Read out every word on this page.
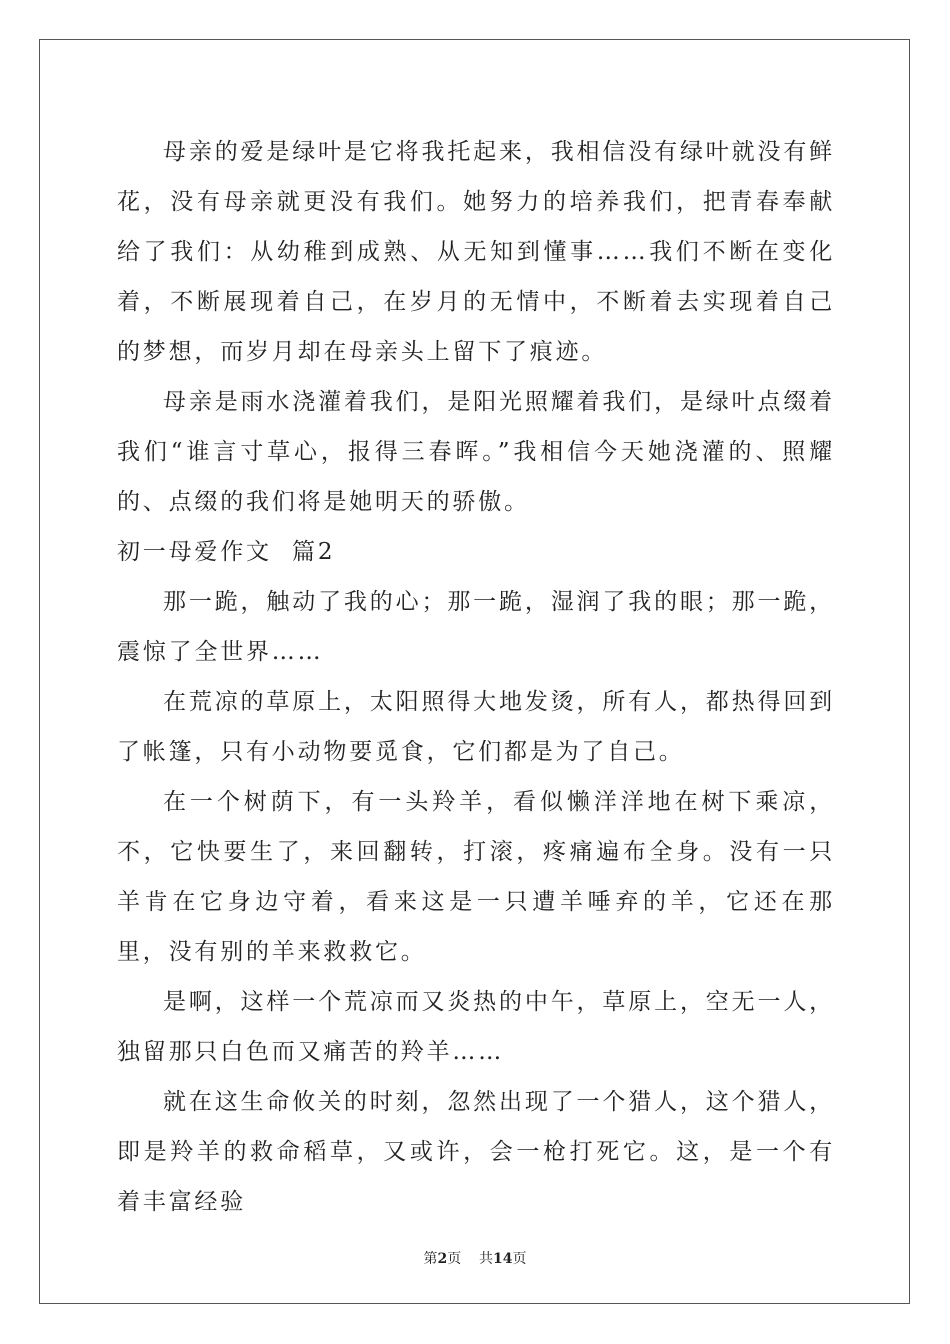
母亲的爱是绿叶是它将我托起来，我相信没有绿叶就没有鲜花，没有母亲就更没有我们。她努力的培养我们，把青春奉献给了我们：从幼稚到成熟、从无知到懂事……我们不断在变化着，不断展现着自己，在岁月的无情中，不断着去实现着自己的梦想，而岁月却在母亲头上留下了痕迹。

母亲是雨水浇灌着我们，是阳光照耀着我们，是绿叶点缀着我们“谁言寸草心，报得三春晖。”我相信今天她浇灌的、照耀的、点缀的我们将是她明天的骄傲。

初一母爱作文  篇2

那一跪，触动了我的心；那一跪，湿润了我的眼；那一跪，震惊了全世界……

在荒凉的草原上，太阳照得大地发烫，所有人，都热得回到了帐篷，只有小动物要觅食，它们都是为了自己。

在一个树荫下，有一头羚羊，看似懒洋洋地在树下乘凉，不，它快要生了，来回翻转，打滚，疼痛遍布全身。没有一只羊肯在它身边守着，看来这是一只遭羊唾弃的羊，它还在那里，没有别的羊来救救它。

是啊，这样一个荒凉而又炎热的中午，草原上，空无一人，独留那只白色而又痛苦的羚羊……

就在这生命攸关的时刻，忽然出现了一个猎人，这个猎人，即是羚羊的救命稻草，又或许，会一枪打死它。这，是一个有着丰富经验

第2页 共14页
